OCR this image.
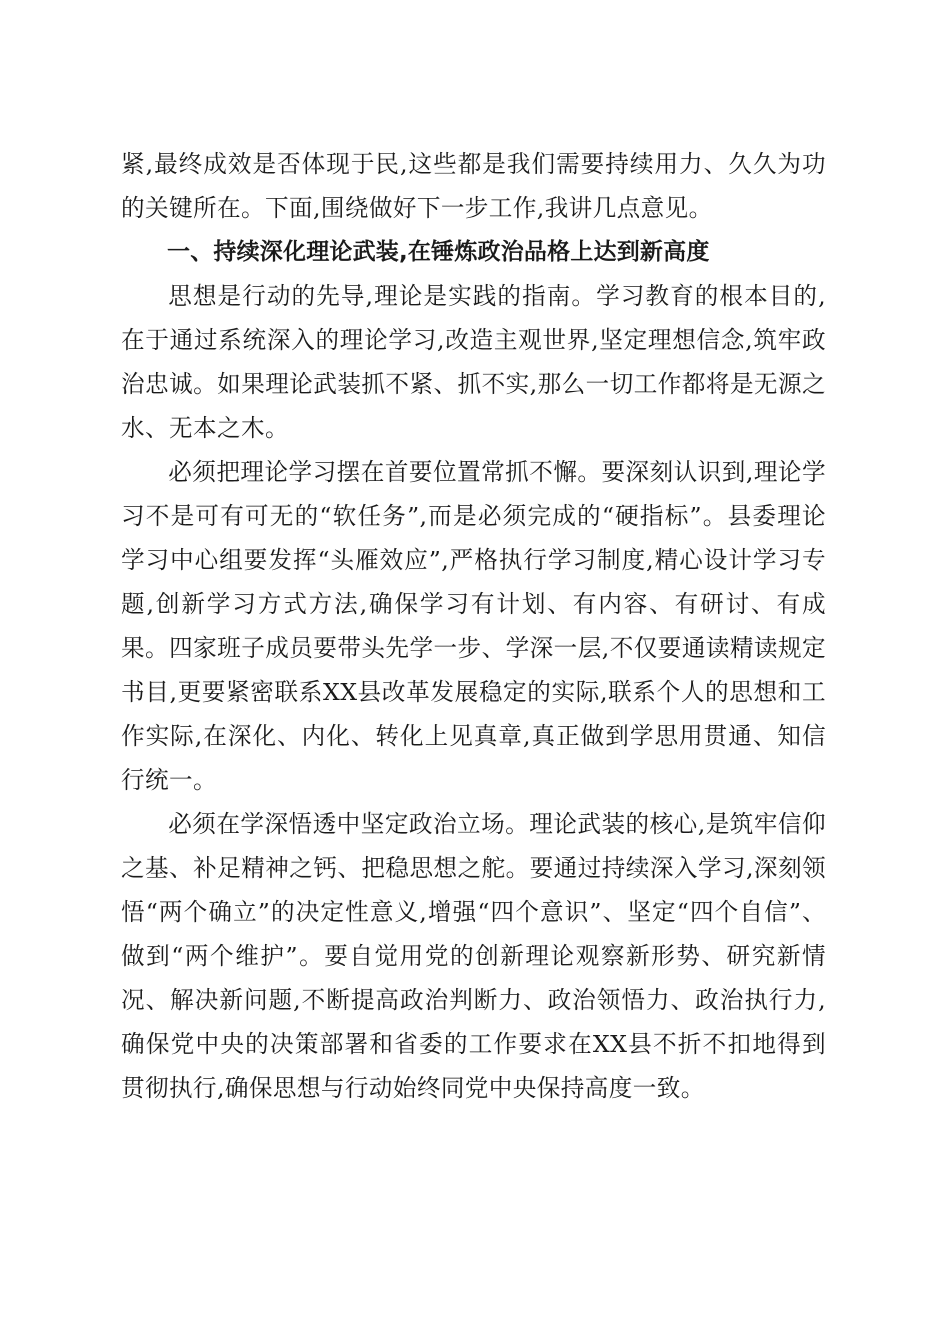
紧,最终成效是否体现于民,这些都是我们需要持续用力、久久为功的关键所在。下面,围绕做好下一步工作,我讲几点意见。

一、持续深化理论武装,在锤炼政治品格上达到新高度

思想是行动的先导,理论是实践的指南。学习教育的根本目的,在于通过系统深入的理论学习,改造主观世界,坚定理想信念,筑牢政治忠诚。如果理论武装抓不紧、抓不实,那么一切工作都将是无源之水、无本之木。

必须把理论学习摆在首要位置常抓不懈。要深刻认识到,理论学习不是可有可无的“软任务”,而是必须完成的“硬指标”。县委理论学习中心组要发挥“头雁效应”,严格执行学习制度,精心设计学习专题,创新学习方式方法,确保学习有计划、有内容、有研讨、有成果。四家班子成员要带头先学一步、学深一层,不仅要通读精读规定书目,更要紧密联系XX县改革发展稳定的实际,联系个人的思想和工作实际,在深化、内化、转化上见真章,真正做到学思用贯通、知信行统一。

必须在学深悟透中坚定政治立场。理论武装的核心,是筑牢信仰之基、补足精神之钙、把稳思想之舵。要通过持续深入学习,深刻领悟“两个确立”的决定性意义,增强“四个意识”、坚定“四个自信”、做到“两个维护”。要自觉用党的创新理论观察新形势、研究新情况、解决新问题,不断提高政治判断力、政治领悟力、政治执行力,确保党中央的决策部署和省委的工作要求在XX县不折不扣地得到贯彻执行,确保思想与行动始终同党中央保持高度一致。
